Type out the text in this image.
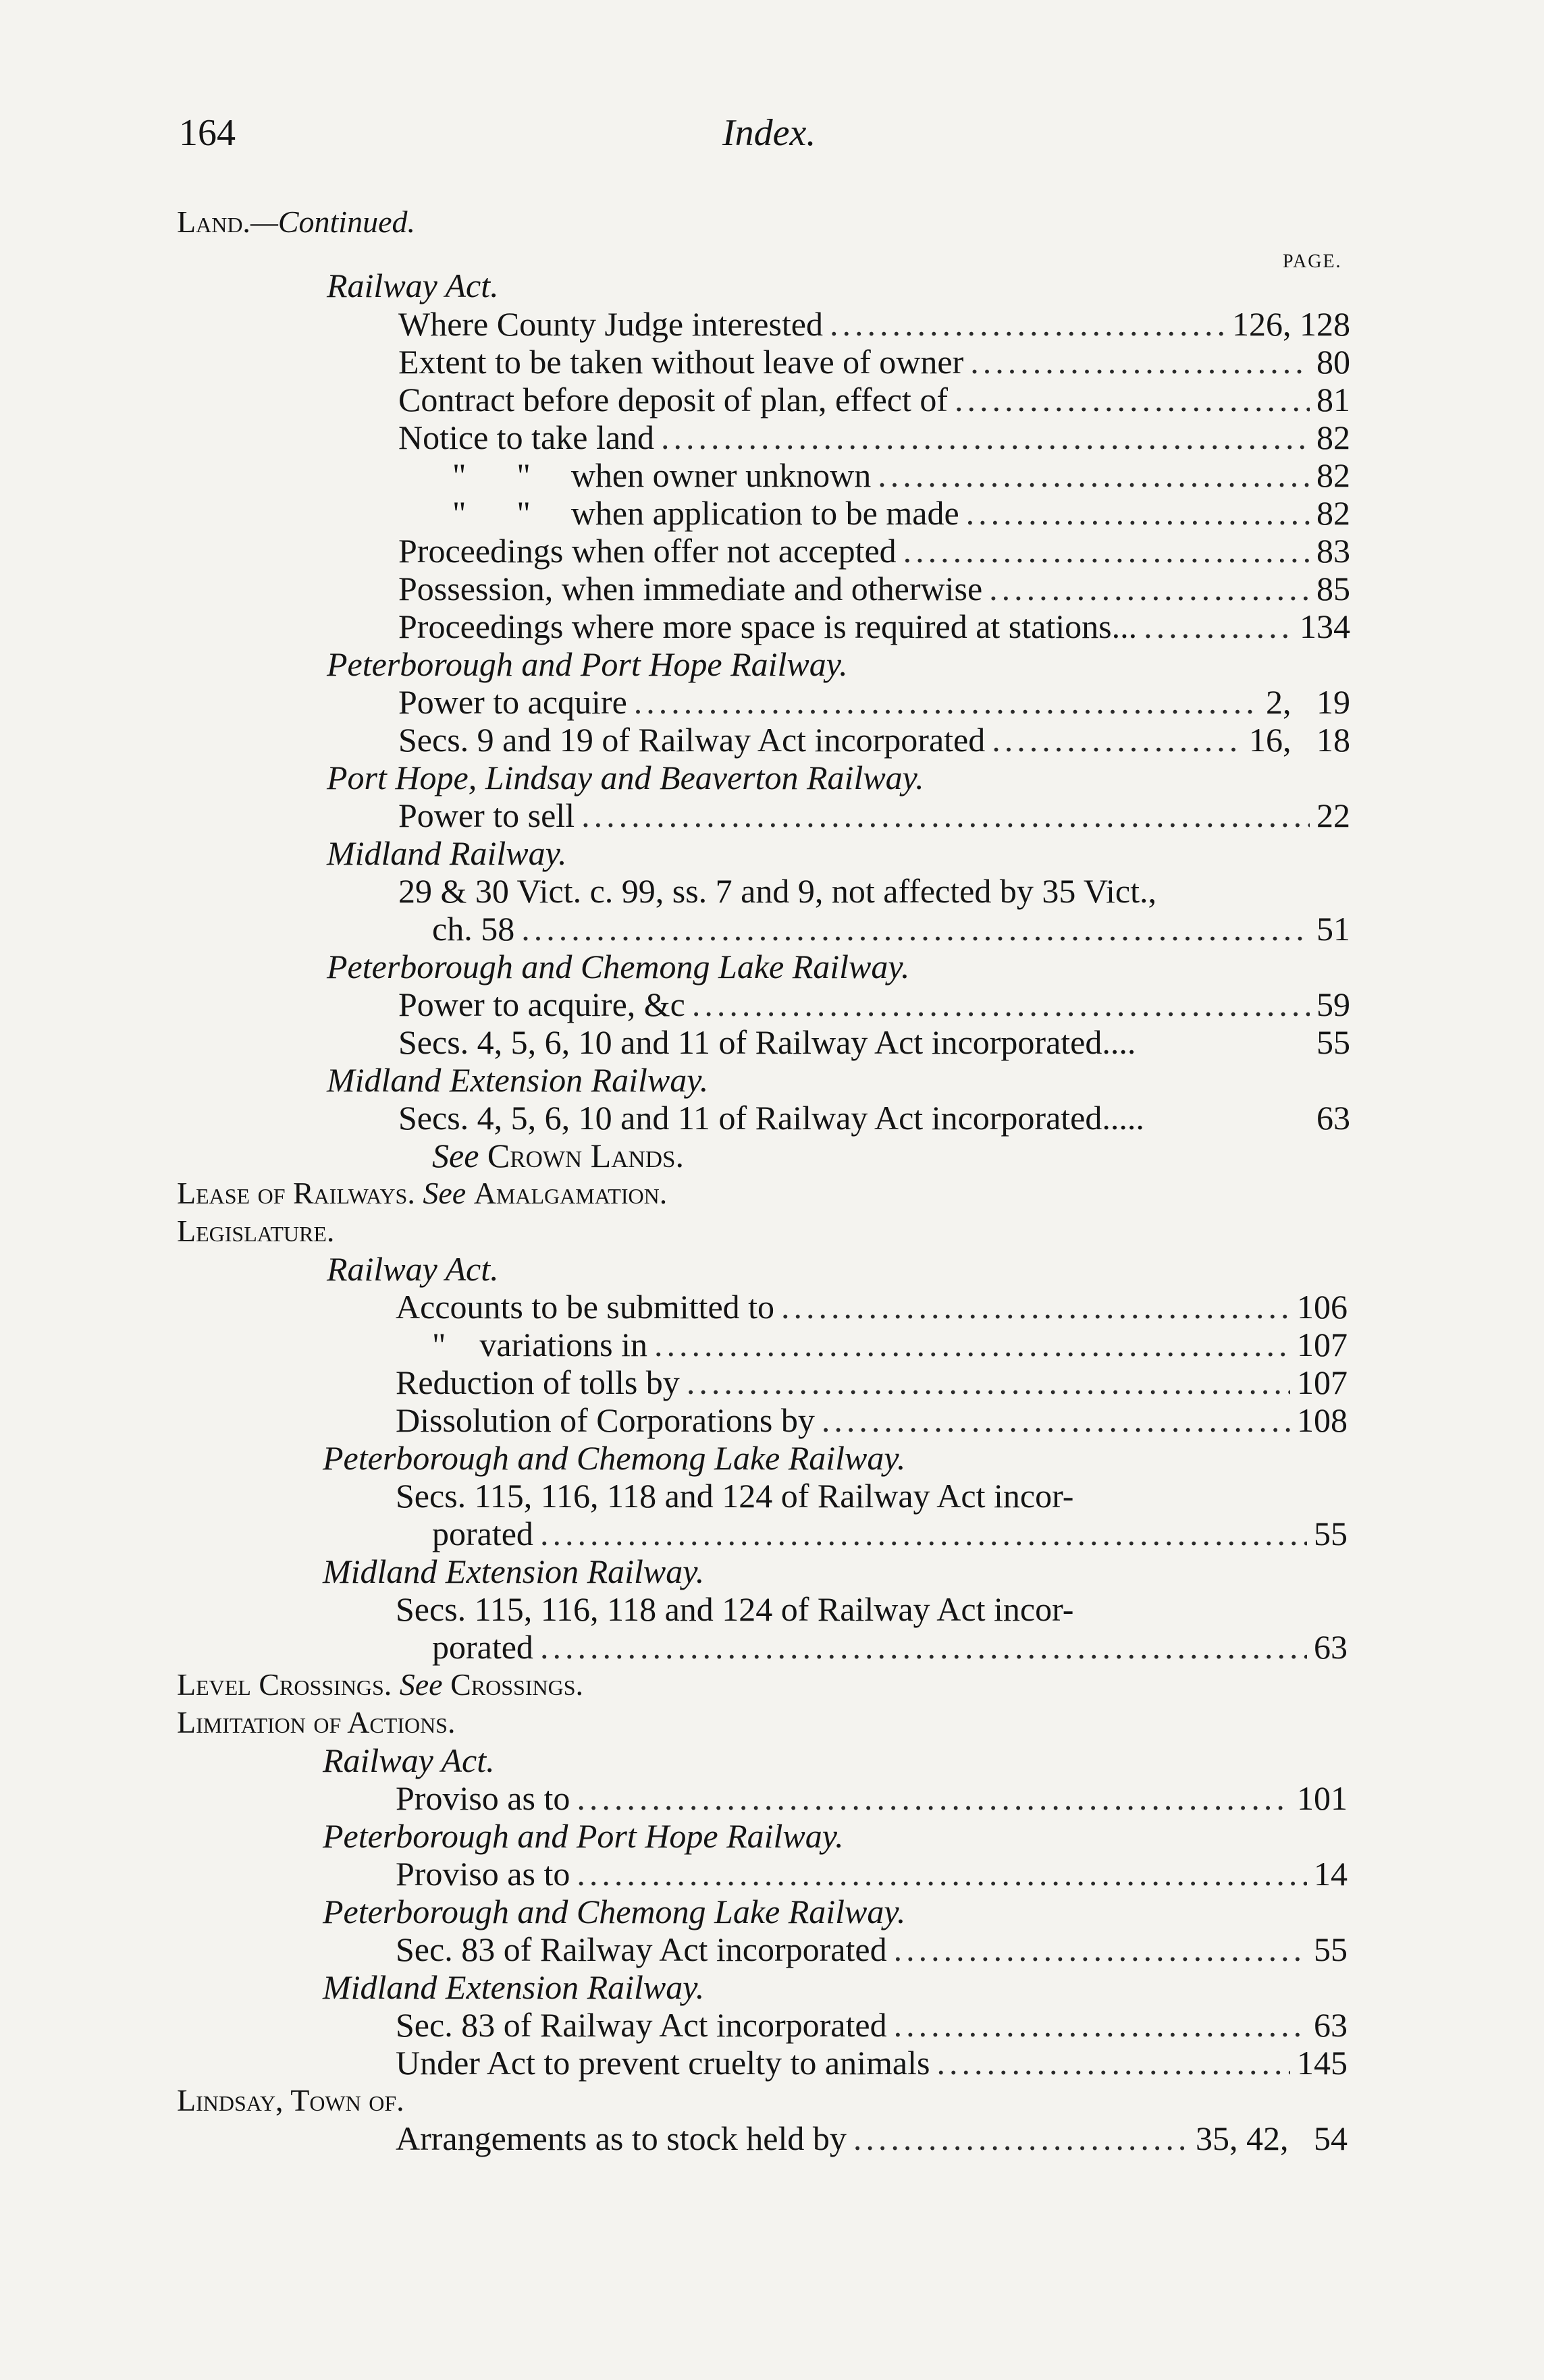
164	Index.
Land.—Continued.
PAGE.
Railway Act.
Where County Judge interested .....	126, 128
Extent to be taken without leave of owner .....	80
Contract before deposit of plan, effect of .....	81
Notice to take land .....	82
"      " when owner unknown .....	82
"      " when application to be made .....	82
Proceedings when offer not accepted .....	83
Possession, when immediate and otherwise .....	85
Proceedings where more space is required at stations... .....	134
Peterborough and Port Hope Railway.
Power to acquire .....	2,   19
Secs. 9 and 19 of Railway Act incorporated .....	16,   18
Port Hope, Lindsay and Beaverton Railway.
Power to sell .....	22
Midland Railway.
29 & 30 Vict. c. 99, ss. 7 and 9, not affected by 35 Vict.,
ch. 58 .....	51
Peterborough and Chemong Lake Railway.
Power to acquire, &c .....	59
Secs. 4, 5, 6, 10 and 11 of Railway Act incorporated....	55
Midland Extension Railway.
Secs. 4, 5, 6, 10 and 11 of Railway Act incorporated.....	63
See Crown Lands.
Lease of Railways. See Amalgamation.
Legislature.
Railway Act.
Accounts to be submitted to .....	106
" variations in .....	107
Reduction of tolls by .....	107
Dissolution of Corporations by .....	108
Peterborough and Chemong Lake Railway.
Secs. 115, 116, 118 and 124 of Railway Act incor-
porated .....	55
Midland Extension Railway.
Secs. 115, 116, 118 and 124 of Railway Act incor-
porated .....	63
Level Crossings. See Crossings.
Limitation of Actions.
Railway Act.
Proviso as to .....	101
Peterborough and Port Hope Railway.
Proviso as to .....	14
Peterborough and Chemong Lake Railway.
Sec. 83 of Railway Act incorporated .....	55
Midland Extension Railway.
Sec. 83 of Railway Act incorporated .....	63
Under Act to prevent cruelty to animals .....	145
Lindsay, Town of.
Arrangements as to stock held by .....	35, 42,   54
